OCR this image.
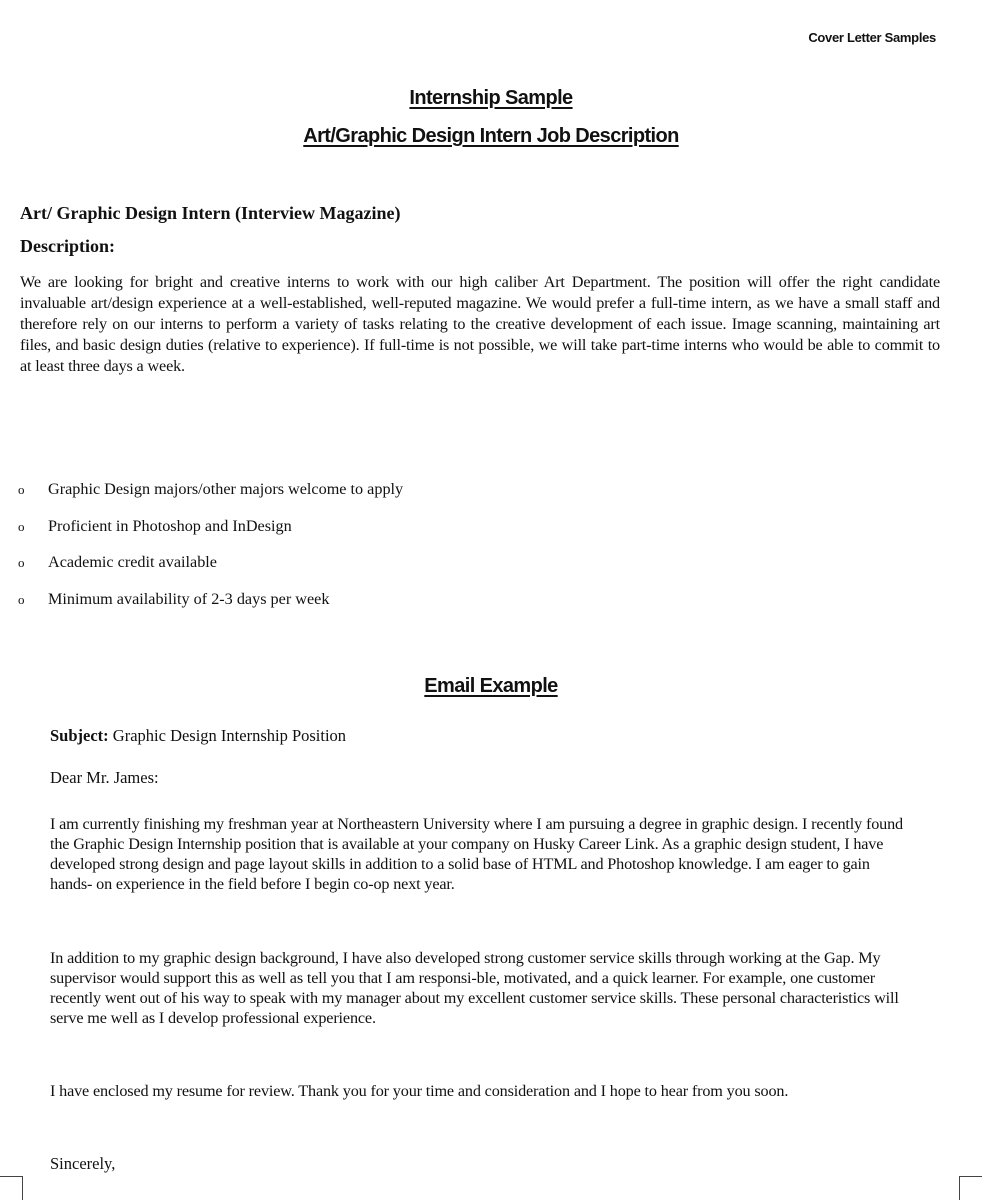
Cover Letter Samples
Internship Sample
Art/Graphic Design Intern Job Description
Art/ Graphic Design Intern (Interview Magazine)
Description:
We are looking for bright and creative interns to work with our high caliber Art Department. The position will offer the right candidate invaluable art/design experience at a well-established, well-reputed magazine. We would prefer a full-time intern, as we have a small staff and therefore rely on our interns to perform a variety of tasks relating to the creative development of each issue. Image scanning, maintaining art files, and basic design duties (relative to experience). If full-time is not possible, we will take part-time interns who would be able to commit to at least three days a week.
o	Graphic Design majors/other majors welcome to apply
o	Proficient in Photoshop and InDesign
o	Academic credit available
o	Minimum availability of 2-3 days per week
Email Example
Subject: Graphic Design Internship Position
Dear Mr. James:
I am currently finishing my freshman year at Northeastern University where I am pursuing a degree in graphic design. I recently found the Graphic Design Internship position that is available at your company on Husky Career Link. As a graphic design student, I have developed strong design and page layout skills in addition to a solid base of HTML and Photoshop knowledge. I am eager to gain hands- on experience in the field before I begin co-op next year.
In addition to my graphic design background, I have also developed strong customer service skills through working at the Gap. My supervisor would support this as well as tell you that I am responsi-ble, motivated, and a quick learner. For example, one customer recently went out of his way to speak with my manager about my excellent customer service skills. These personal characteristics will serve me well as I develop professional experience.
I have enclosed my resume for review. Thank you for your time and consideration and I hope to hear from you soon.
Sincerely,
